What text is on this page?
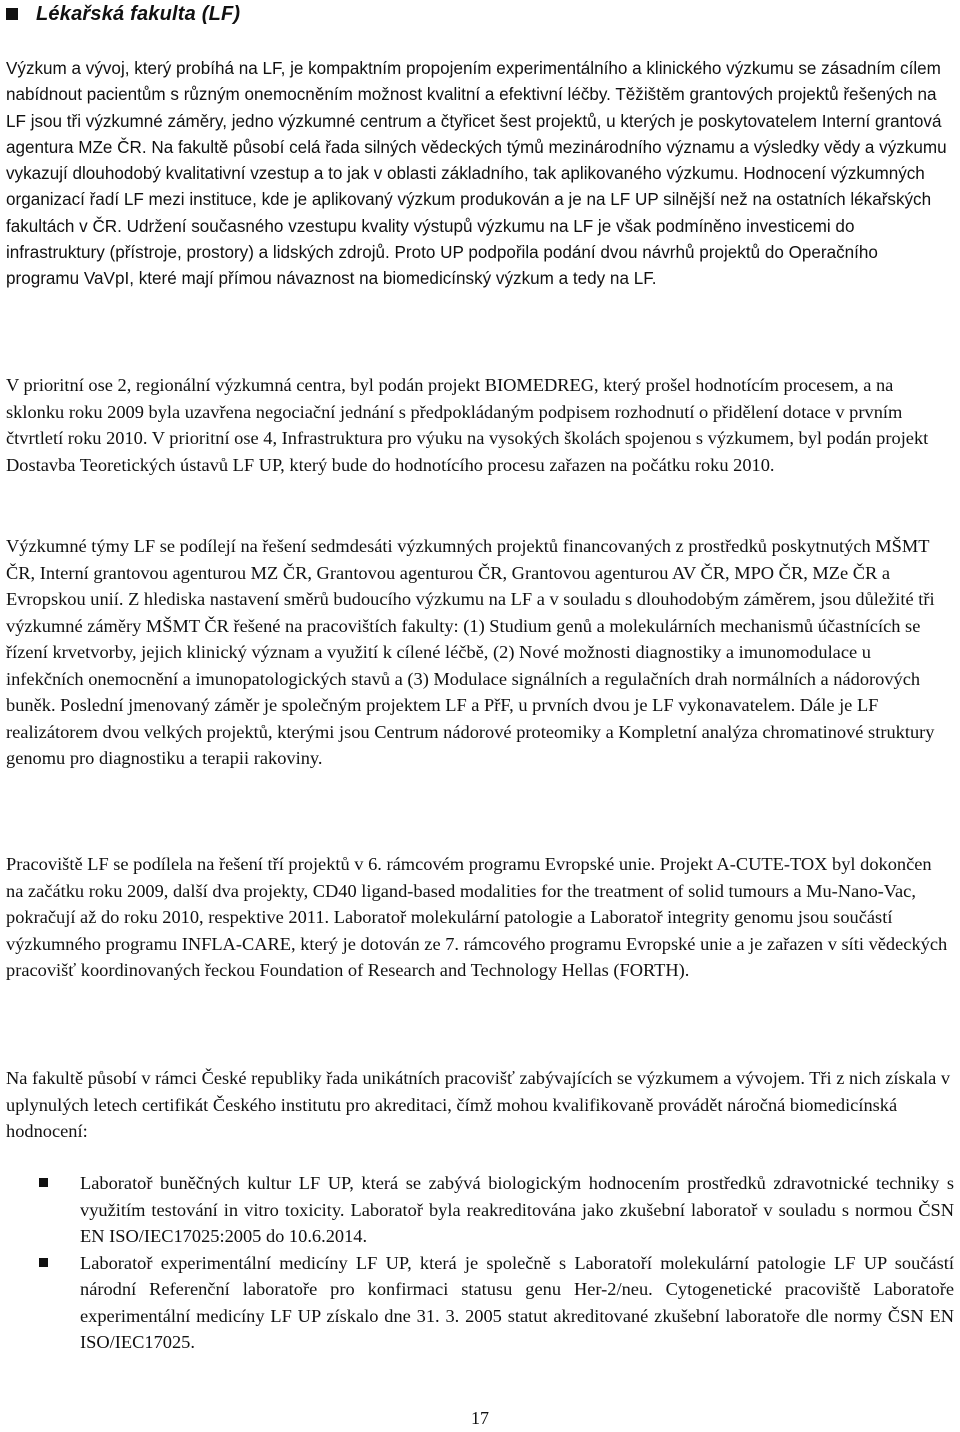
Lékařská fakulta (LF)

Výzkum a vývoj, který probíhá na LF, je kompaktním propojením experimentálního a klinického výzkumu se zásadním cílem nabídnout pacientům s různým onemocněním možnost kvalitní a efektivní léčby. Těžištěm grantových projektů řešených na LF jsou tři výzkumné záměry, jedno výzkumné centrum a čtyřicet šest projektů, u kterých je poskytovatelem Interní grantová agentura MZe ČR. Na fakultě působí celá řada silných vědeckých týmů mezinárodního významu a výsledky vědy a výzkumu vykazují dlouhodobý kvalitativní vzestup a to jak v oblasti základního, tak aplikovaného výzkumu. Hodnocení výzkumných organizací řadí LF mezi instituce, kde je aplikovaný výzkum produkován a je na LF UP silnější než na ostatních lékařských fakultách v ČR. Udržení současného vzestupu kvality výstupů výzkumu na LF je však podmíněno investicemi do infrastruktury (přístroje, prostory) a lidských zdrojů. Proto UP podpořila podání dvou návrhů projektů do Operačního programu VaVpI, které mají přímou návaznost na biomedicínský výzkum a tedy na LF.

V prioritní ose 2, regionální výzkumná centra, byl podán projekt BIOMEDREG, který prošel hodnotícím procesem, a na sklonku roku 2009 byla uzavřena negociační jednání s předpokládaným podpisem rozhodnutí o přidělení dotace v prvním čtvrtletí roku 2010. V prioritní ose 4, Infrastruktura pro výuku na vysokých školách spojenou s výzkumem, byl podán projekt Dostavba Teoretických ústavů LF UP, který bude do hodnotícího procesu zařazen na počátku roku 2010.

Výzkumné týmy LF se podílejí na řešení sedmdesáti výzkumných projektů financovaných z prostředků poskytnutých MŠMT ČR, Interní grantovou agenturou MZ ČR, Grantovou agenturou ČR, Grantovou agenturou AV ČR, MPO ČR, MZe ČR a Evropskou unií. Z hlediska nastavení směrů budoucího výzkumu na LF a v souladu s dlouhodobým záměrem, jsou důležité tři výzkumné záměry MŠMT ČR řešené na pracovištích fakulty: (1) Studium genů a molekulárních mechanismů účastnících se řízení krvetvorby, jejich klinický význam a využití k cílené léčbě, (2) Nové možnosti diagnostiky a imunomodulace u infekčních onemocnění a imunopatologických stavů a (3) Modulace signálních a regulačních drah normálních a nádorových buněk. Poslední jmenovaný záměr je společným projektem LF a PřF, u prvních dvou je LF vykonavatelem. Dále je LF realizátorem dvou velkých projektů, kterými jsou Centrum nádorové proteomiky a Kompletní analýza chromatinové struktury genomu pro diagnostiku a terapii rakoviny.

Pracoviště LF se podílela na řešení tří projektů v 6. rámcovém programu Evropské unie. Projekt A-CUTE-TOX byl dokončen na začátku roku 2009, další dva projekty, CD40 ligand-based modalities for the treatment of solid tumours a Mu-Nano-Vac, pokračují až do roku 2010, respektive 2011. Laboratoř molekulární patologie a Laboratoř integrity genomu jsou součástí výzkumného programu INFLA-CARE, který je dotován ze 7. rámcového programu Evropské unie a je zařazen v síti vědeckých pracovišť koordinovaných řeckou Foundation of Research and Technology Hellas (FORTH).

Na fakultě působí v rámci České republiky řada unikátních pracovišť zabývajících se výzkumem a vývojem. Tři z nich získala v uplynulých letech certifikát Českého institutu pro akreditaci, čímž mohou kvalifikovaně provádět náročná biomedicínská hodnocení:

Laboratoř buněčných kultur LF UP, která se zabývá biologickým hodnocením prostředků zdravotnické techniky s využitím testování in vitro toxicity. Laboratoř byla reakreditována jako zkušební laboratoř v souladu s normou ČSN EN ISO/IEC17025:2005 do 10.6.2014.
Laboratoř experimentální medicíny LF UP, která je společně s Laboratoří molekulární patologie LF UP součástí národní Referenční laboratoře pro konfirmaci statusu genu Her-2/neu. Cytogenetické pracoviště Laboratoře experimentální medicíny LF UP získalo dne 31. 3. 2005 statut akreditované zkušební laboratoře dle normy ČSN EN ISO/IEC17025.
17
